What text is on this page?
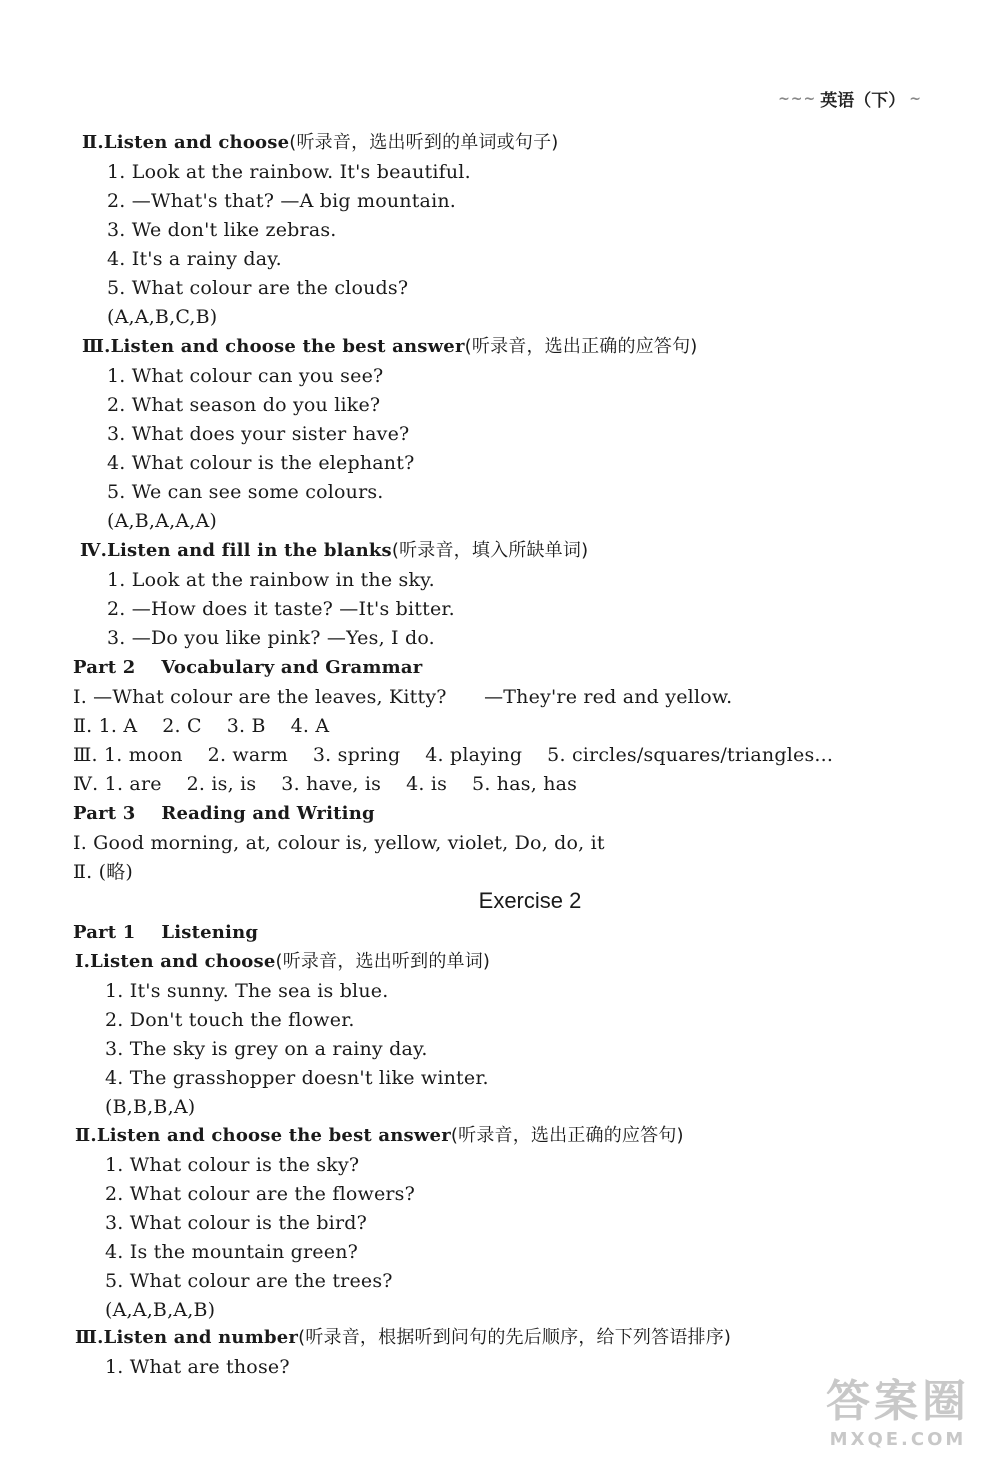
~~~ 英语（下） ~
Ⅱ.Listen and choose(听录音，选出听到的单词或句子)
1. Look at the rainbow. It's beautiful.
2. —What's that? —A big mountain.
3. We don't like zebras.
4. It's a rainy day.
5. What colour are the clouds?
(A,A,B,C,B)
Ⅲ.Listen and choose the best answer(听录音，选出正确的应答句)
1. What colour can you see?
2. What season do you like?
3. What does your sister have?
4. What colour is the elephant?
5. We can see some colours.
(A,B,A,A,A)
Ⅳ.Listen and fill in the blanks(听录音，填入所缺单词)
1. Look at the rainbow in the sky.
2. —How does it taste? —It's bitter.
3. —Do you like pink? —Yes, I do.
Part 2    Vocabulary and Grammar
Ⅰ. —What colour are the leaves, Kitty?      —They're red and yellow.
Ⅱ. 1. A    2. C    3. B    4. A
Ⅲ. 1. moon    2. warm    3. spring    4. playing    5. circles/squares/triangles...
Ⅳ. 1. are    2. is, is    3. have, is    4. is    5. has, has
Part 3    Reading and Writing
Ⅰ. Good morning, at, colour is, yellow, violet, Do, do, it
Ⅱ. (略)
Exercise 2
Part 1    Listening
Ⅰ.Listen and choose(听录音，选出听到的单词)
1. It's sunny. The sea is blue.
2. Don't touch the flower.
3. The sky is grey on a rainy day.
4. The grasshopper doesn't like winter.
(B,B,B,A)
Ⅱ.Listen and choose the best answer(听录音，选出正确的应答句)
1. What colour is the sky?
2. What colour are the flowers?
3. What colour is the bird?
4. Is the mountain green?
5. What colour are the trees?
(A,A,B,A,B)
Ⅲ.Listen and number(听录音，根据听到问句的先后顺序，给下列答语排序)
1. What are those?
答案圈
MXQE.COM
